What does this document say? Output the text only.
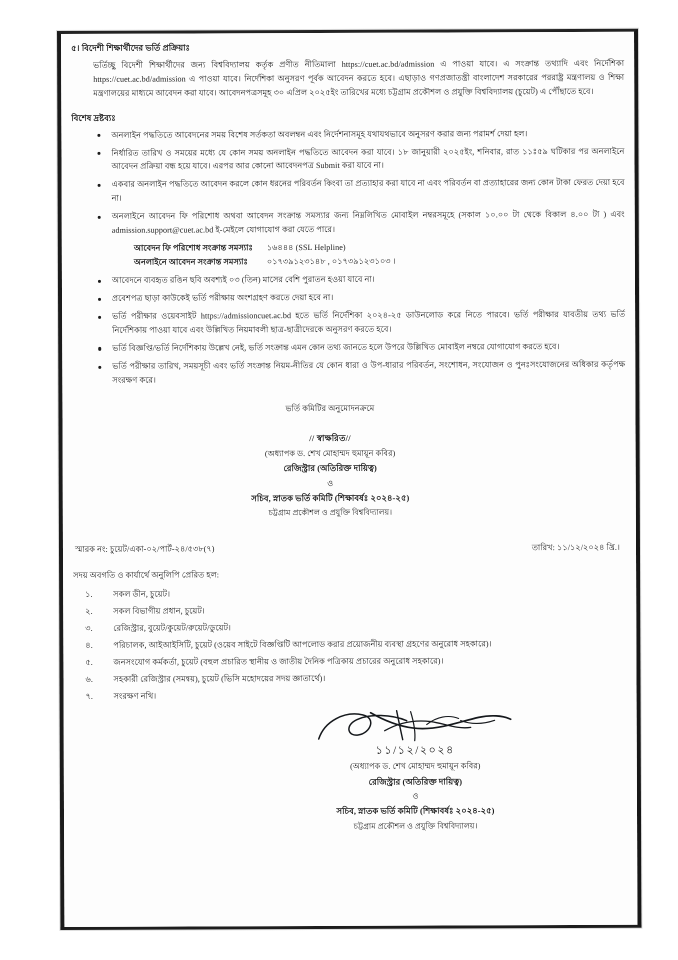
৫। বিদেশী শিক্ষার্থীদের ভর্তি প্রক্রিয়াঃ

ভর্তিচ্ছু বিদেশী শিক্ষার্থীদের জন্য বিশ্ববিদ্যালয় কর্তৃক প্রণীত নীতিমালা https://cuet.ac.bd/admission এ পাওয়া যাবে। এ সংক্রান্ত তথ্যাদি এবং নির্দেশিকা https://cuet.ac.bd/admission এ পাওয়া যাবে। নির্দেশিকা অনুসরণ পূর্বক আবেদন করতে হবে। এছাড়াও গণপ্রজাতন্ত্রী বাংলাদেশ সরকারের পররাষ্ট্র মন্ত্রণালয় ও শিক্ষা মন্ত্রণালয়ের মাধ্যমে আবেদন করা যাবে। আবেদনপত্রসমূহ ৩০ এপ্রিল ২০২৫ইং তারিখের মধ্যে চট্টগ্রাম প্রকৌশল ও প্রযুক্তি বিশ্ববিদ্যালয় (চুয়েট) এ পৌঁছাতে হবে।

বিশেষ দ্রষ্টব্যঃ
অনলাইন পদ্ধতিতে আবেদনের সময় বিশেষ সর্তকতা অবলম্বন এবং নির্দেশনাসমূহ যথাযথভাবে অনুসরণ করার জন্য পরামর্শ দেয়া হল।
নির্ধারিত তারিখ ও সময়ের মধ্যে যে কোন সময় অনলাইন পদ্ধতিতে আবেদন করা যাবে। ১৮ জানুয়ারী ২০২৫ইং, শনিবার, রাত ১১ঃ৫৯ ঘটিকার পর অনলাইনে আবেদন প্রক্রিয়া বন্ধ হয়ে যাবে। এরপর আর কোনো আবেদনপত্র Submit করা যাবে না।
একবার অনলাইন পদ্ধতিতে আবেদন করলে কোন ধরনের পরিবর্তন কিংবা তা প্রত্যাহার করা যাবে না এবং পরিবর্তন বা প্রত্যাহারের জন্য কোন টাকা ফেরত দেয়া হবে না।
অনলাইনে আবেদন ফি পরিশোধ অথবা আবেদন সংক্রান্ত সমস্যার জন্য নিম্নলিখিত মোবাইল নম্বরসমূহে (সকাল ১০.০০ টা থেকে বিকাল ৪.০০ টা ) এবং admission.support@cuet.ac.bd ই-মেইলে যোগাযোগ করা যেতে পারে।
আবেদন ফি পরিশোধ সংক্রান্ত সমস্যাঃ	১৬৪৪৪ (SSL Helpline)
অনলাইনে আবেদন সংক্রান্ত সমস্যাঃ	০১৭৩৯১২৩১৪৮ , ০১৭৩৯১২৩১০৩ ।
আবেদনে ব্যবহৃত রঙিন ছবি অবশ্যই ০৩ (তিন) মাসের বেশি পুরাতন হওয়া যাবে না।
প্রবেশপত্র ছাড়া কাউকেই ভর্তি পরীক্ষায় অংশগ্রহণ করতে দেয়া হবে না।
ভর্তি পরীক্ষার ওয়েবসাইট https://admissioncuet.ac.bd হতে ভর্তি নির্দেশিকা ২০২৪-২৫ ডাউনলোড করে নিতে পারবে। ভর্তি পরীক্ষার যাবতীয় তথ্য ভর্তি নির্দেশিকায় পাওয়া যাবে এবং উল্লিখিত নিয়মাবলী ছাত্র-ছাত্রীদেরকে অনুসরণ করতে হবে।
ভর্তি বিজ্ঞপ্তি/ভর্তি নির্দেশিকায় উল্লেখ নেই, ভর্তি সংক্রান্ত এমন কোন তথ্য জানতে হলে উপরে উল্লিখিত মোবাইল নম্বরে যোগাযোগ করতে হবে।
ভর্তি পরীক্ষার তারিখ, সময়সূচী এবং ভর্তি সংক্রান্ত নিয়ম-নীতির যে কোন ধারা ও উপ-ধারার পরিবর্তন, সংশোধন, সংযোজন ও পুনঃসংযোজনের অধিকার কর্তৃপক্ষ সংরক্ষণ করে।
ভর্তি কমিটির অনুমোদনক্রমে
// স্বাক্ষরিত//
(অধ্যাপক ড. শেখ মোহাম্মদ হুমায়ূন কবির)
রেজিস্ট্রার (অতিরিক্ত দায়িত্ব)
ও
সচিব, স্নাতক ভর্তি কমিটি (শিক্ষাবর্ষঃ ২০২৪-২৫)
চট্টগ্রাম প্রকৌশল ও প্রযুক্তি বিশ্ববিদ্যালয়।
স্মারক নং: চুয়েট/একা-০২/পার্ট-২৪/৫৩৮(৭)	তারিখ: ১১/১২/২০২৪ খ্রি.।
সদয় অবগতি ও কার্যার্থে অনুলিপি প্রেরিত হল:
১.	সকল ডীন, চুয়েট।
২.	সকল বিভাগীয় প্রধান, চুয়েট।
৩.	রেজিস্ট্রার, বুয়েট/কুয়েট/রুয়েট/ডুয়েট।
৪.	পরিচালক, আইআইসিটি, চুয়েট (ওয়েব সাইটে বিজ্ঞপ্তিটি আপলোড করার প্রয়োজনীয় ব্যবস্থা গ্রহণের অনুরোধ সহকারে)।
৫.	জনসংযোগ কর্মকর্তা, চুয়েট (বহুল প্রচারিত স্থানীয় ও জাতীয় দৈনিক পত্রিকায় প্রচারের অনুরোধ সহকারে)।
৬.	সহকারী রেজিস্ট্রার (সমন্বয়), চুয়েট (ভিসি মহোদয়ের সদয় জ্ঞাতার্থে)।
৭.	সংরক্ষণ নথি।
১১/১২/২০২৪
(অধ্যাপক ড. শেখ মোহাম্মদ হুমায়ূন কবির)
রেজিস্ট্রার (অতিরিক্ত দায়িত্ব)
ও
সচিব, স্নাতক ভর্তি কমিটি (শিক্ষাবর্ষঃ ২০২৪-২৫)
চট্টগ্রাম প্রকৌশল ও প্রযুক্তি বিশ্ববিদ্যালয়।
